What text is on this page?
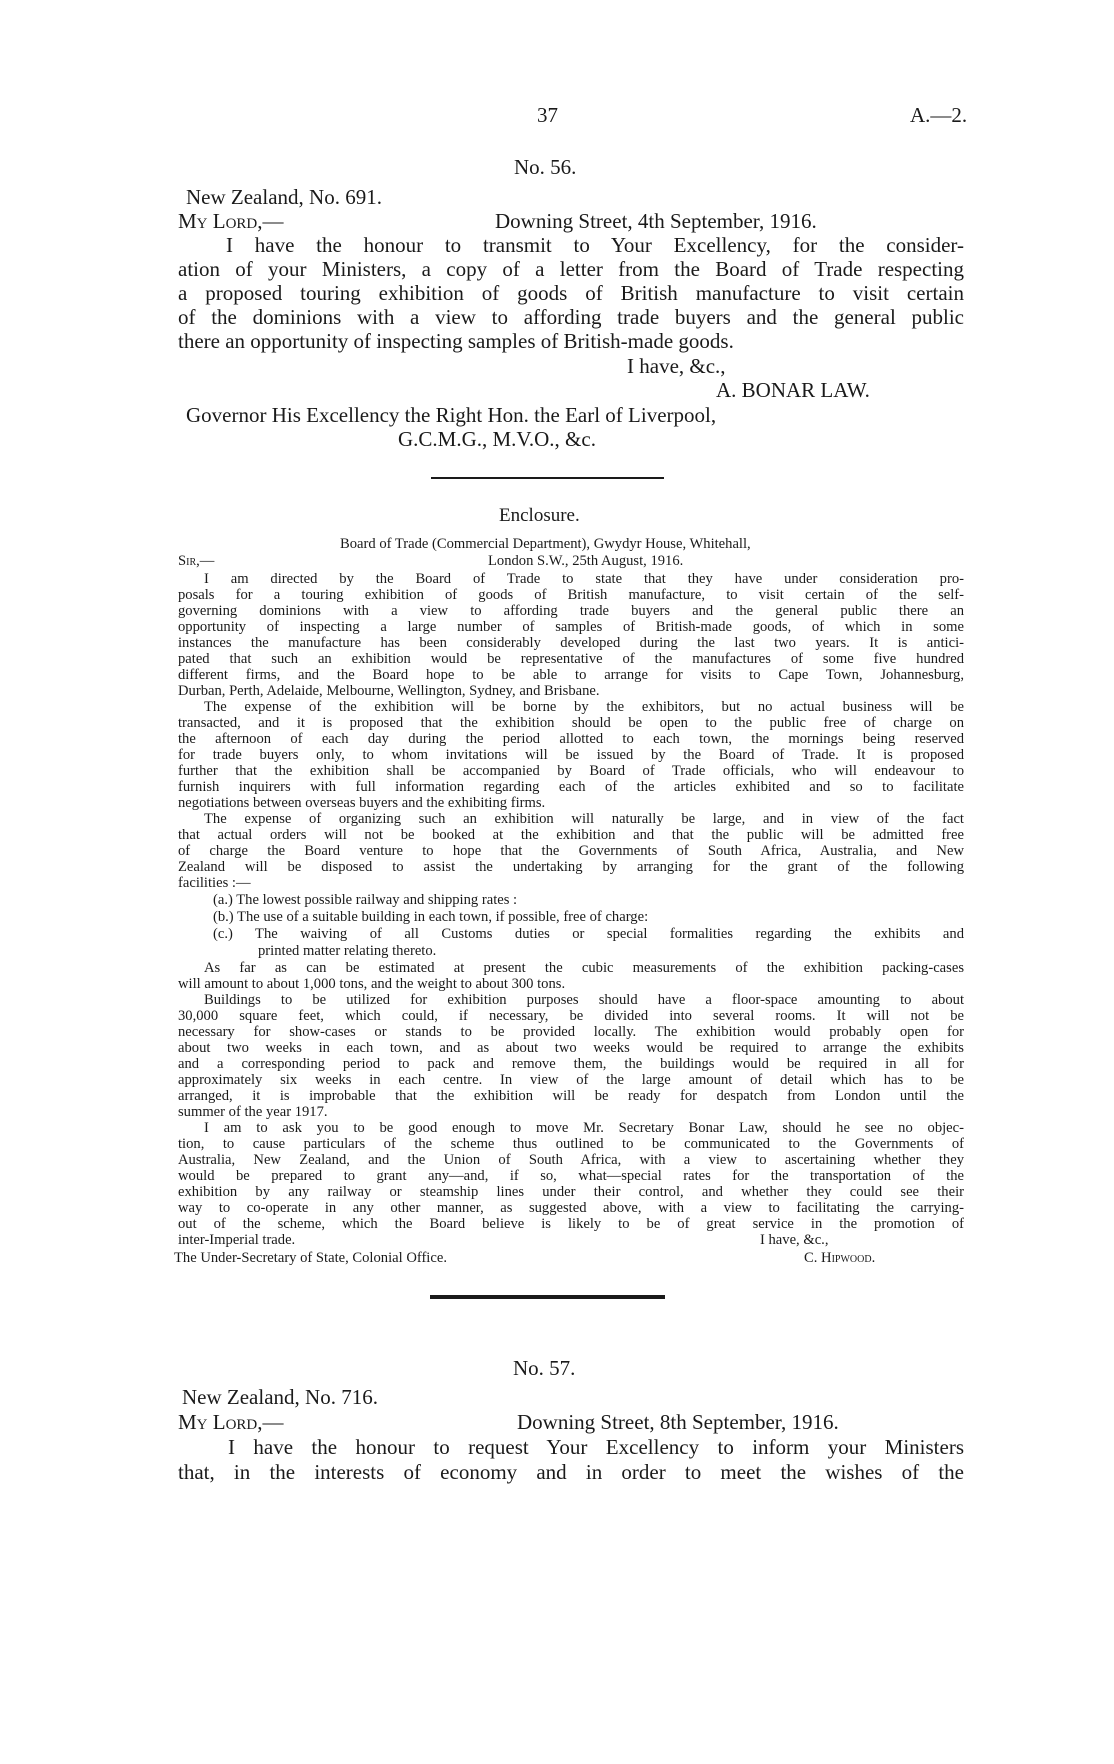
37	A.—2.
No. 56.
New Zealand, No. 691.
My Lord,—	Downing Street, 4th September, 1916.
I have the honour to transmit to Your Excellency, for the consider-
ation of your Ministers, a copy of a letter from the Board of Trade respecting
a proposed touring exhibition of goods of British manufacture to visit certain
of the dominions with a view to affording trade buyers and the general public
there an opportunity of inspecting samples of British-made goods.
I have, &c.,
A. BONAR LAW.
Governor His Excellency the Right Hon. the Earl of Liverpool,
G.C.M.G., M.V.O., &c.
Enclosure.
Board of Trade (Commercial Department), Gwydyr House, Whitehall,
London S.W., 25th August, 1916.
Sir,—
I am directed by the Board of Trade to state that they have under consideration pro-
posals for a touring exhibition of goods of British manufacture, to visit certain of the self-
governing dominions with a view to affording trade buyers and the general public there an
opportunity of inspecting a large number of samples of British-made goods, of which in some
instances the manufacture has been considerably developed during the last two years. It is antici-
pated that such an exhibition would be representative of the manufactures of some five hundred
different firms, and the Board hope to be able to arrange for visits to Cape Town, Johannesburg,
Durban, Perth, Adelaide, Melbourne, Wellington, Sydney, and Brisbane.
The expense of the exhibition will be borne by the exhibitors, but no actual business will be
transacted, and it is proposed that the exhibition should be open to the public free of charge on
the afternoon of each day during the period allotted to each town, the mornings being reserved
for trade buyers only, to whom invitations will be issued by the Board of Trade. It is proposed
further that the exhibition shall be accompanied by Board of Trade officials, who will endeavour to
furnish inquirers with full information regarding each of the articles exhibited and so to facilitate
negotiations between overseas buyers and the exhibiting firms.
The expense of organizing such an exhibition will naturally be large, and in view of the fact
that actual orders will not be booked at the exhibition and that the public will be admitted free
of charge the Board venture to hope that the Governments of South Africa, Australia, and New
Zealand will be disposed to assist the undertaking by arranging for the grant of the following
facilities :—
(a.) The lowest possible railway and shipping rates :
(b.) The use of a suitable building in each town, if possible, free of charge:
(c.) The waiving of all Customs duties or special formalities regarding the exhibits and
printed matter relating thereto.
As far as can be estimated at present the cubic measurements of the exhibition packing-cases
will amount to about 1,000 tons, and the weight to about 300 tons.
Buildings to be utilized for exhibition purposes should have a floor-space amounting to about
30,000 square feet, which could, if necessary, be divided into several rooms. It will not be
necessary for show-cases or stands to be provided locally. The exhibition would probably open for
about two weeks in each town, and as about two weeks would be required to arrange the exhibits
and a corresponding period to pack and remove them, the buildings would be required in all for
approximately six weeks in each centre. In view of the large amount of detail which has to be
arranged, it is improbable that the exhibition will be ready for despatch from London until the
summer of the year 1917.
I am to ask you to be good enough to move Mr. Secretary Bonar Law, should he see no objec-
tion, to cause particulars of the scheme thus outlined to be communicated to the Governments of
Australia, New Zealand, and the Union of South Africa, with a view to ascertaining whether they
would be prepared to grant any—and, if so, what—special rates for the transportation of the
exhibition by any railway or steamship lines under their control, and whether they could see their
way to co-operate in any other manner, as suggested above, with a view to facilitating the carrying-
out of the scheme, which the Board believe is likely to be of great service in the promotion of
inter-Imperial trade.	I have, &c.,
The Under-Secretary of State, Colonial Office.	C. Hipwood.
No. 57.
New Zealand, No. 716.
My Lord,—	Downing Street, 8th September, 1916.
I have the honour to request Your Excellency to inform your Ministers
that, in the interests of economy and in order to meet the wishes of the
